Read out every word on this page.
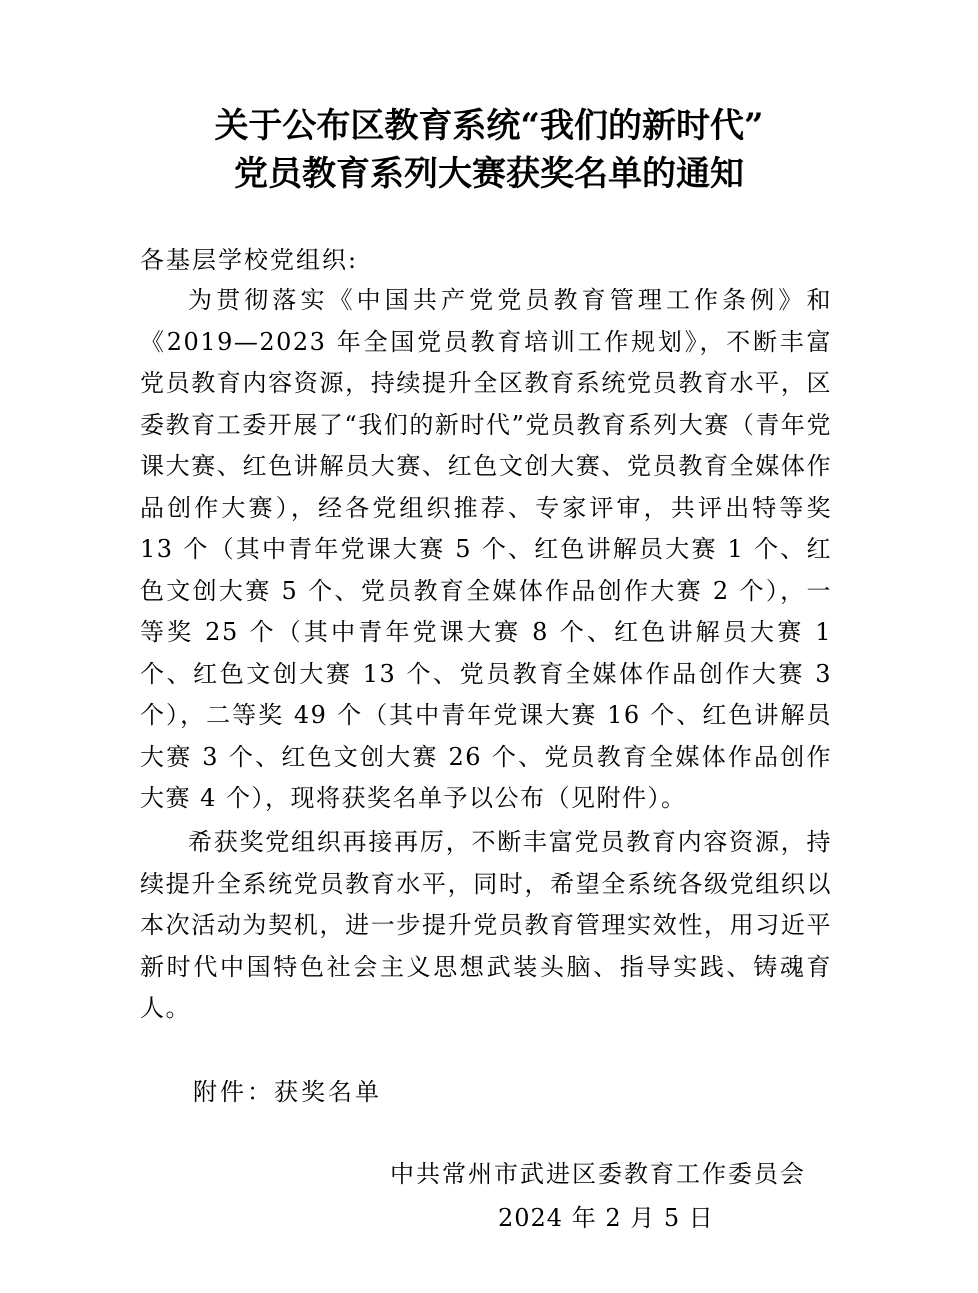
关于公布区教育系统“我们的新时代”
党员教育系列大赛获奖名单的通知
各基层学校党组织:
为贯彻落实《中国共产党党员教育管理工作条例》和《2019—2023 年全国党员教育培训工作规划》，不断丰富党员教育内容资源，持续提升全区教育系统党员教育水平，区委教育工委开展了“我们的新时代”党员教育系列大赛（青年党课大赛、红色讲解员大赛、红色文创大赛、党员教育全媒体作品创作大赛），经各党组织推荐、专家评审，共评出特等奖 13 个（其中青年党课大赛 5 个、红色讲解员大赛 1 个、红色文创大赛 5 个、党员教育全媒体作品创作大赛 2 个），一等奖 25 个（其中青年党课大赛 8 个、红色讲解员大赛 1 个、红色文创大赛 13 个、党员教育全媒体作品创作大赛 3 个），二等奖 49 个（其中青年党课大赛 16 个、红色讲解员大赛 3 个、红色文创大赛 26 个、党员教育全媒体作品创作大赛 4 个），现将获奖名单予以公布（见附件）。
希获奖党组织再接再厉，不断丰富党员教育内容资源，持续提升全系统党员教育水平，同时，希望全系统各级党组织以本次活动为契机，进一步提升党员教育管理实效性，用习近平新时代中国特色社会主义思想武装头脑、指导实践、铸魂育人。
附件：获奖名单
中共常州市武进区委教育工作委员会
2024 年 2 月 5 日
